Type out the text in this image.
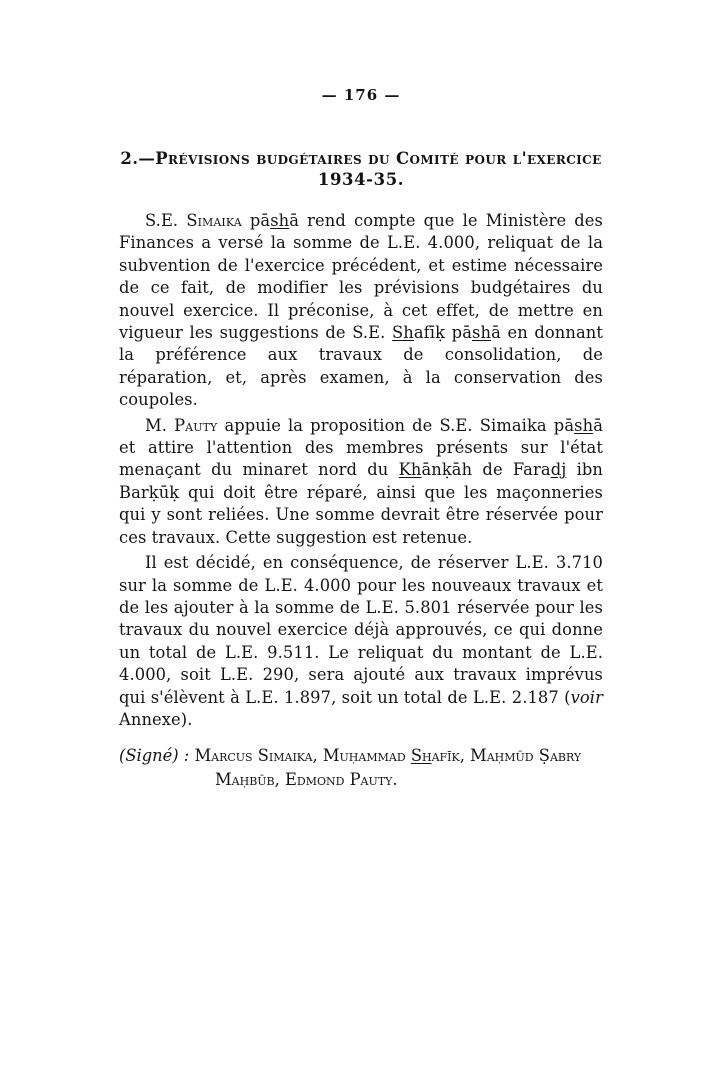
— 176 —
2.—Prévisions budgétaires du Comité pour l'exercice
1934-35.

S.E. Simaika pāshā rend compte que le Ministère des Finances a versé la somme de L.E. 4.000, reliquat de la subvention de l'exercice précédent, et estime nécessaire de ce fait, de modifier les prévisions budgétaires du nouvel exercice. Il préconise, à cet effet, de mettre en vigueur les suggestions de S.E. Shafīḳ pāshā en donnant la préférence aux travaux de consolidation, de réparation, et, après examen, à la conservation des coupoles.

M. Pauty appuie la proposition de S.E. Simaika pāshā et attire l'attention des membres présents sur l'état menaçant du minaret nord du Khānḳāh de Faradj ibn Barḳūḳ qui doit être réparé, ainsi que les maçonneries qui y sont reliées. Une somme devrait être réservée pour ces travaux. Cette suggestion est retenue.

Il est décidé, en conséquence, de réserver L.E. 3.710 sur la somme de L.E. 4.000 pour les nouveaux travaux et de les ajouter à la somme de L.E. 5.801 réservée pour les travaux du nouvel exercice déjà approuvés, ce qui donne un total de L.E. 9.511. Le reliquat du montant de L.E. 4.000, soit L.E. 290, sera ajouté aux travaux imprévus qui s'élèvent à L.E. 1.897, soit un total de L.E. 2.187 (voir Annexe).

(Signé) : Marcus Simaika, Muḥammad Shafīk, Maḥmūd Ṣabry Maḥbūb, Edmond Pauty.
